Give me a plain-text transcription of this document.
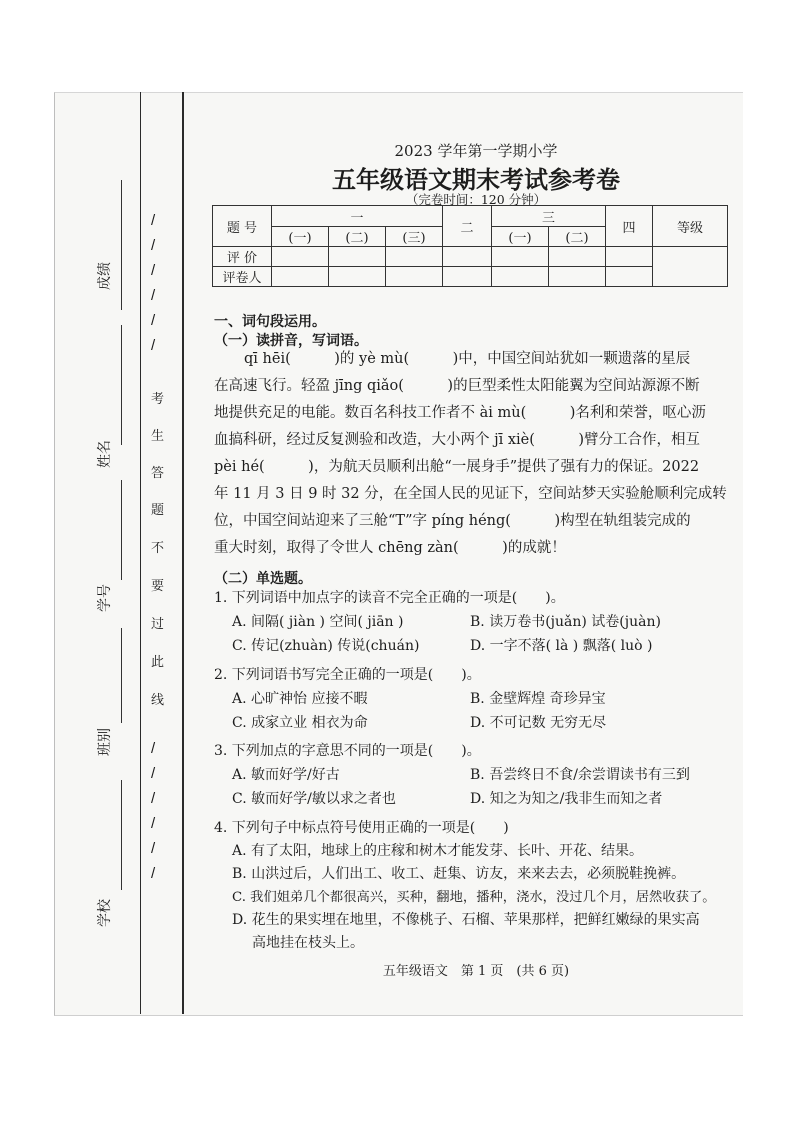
成绩
姓名
学号
班别
学校
/
/
/
/
/
/
考
生
答
题
不
要
过
此
线
/
/
/
/
/
/
2023 学年第一学期小学
五年级语文期末考试参考卷
（完卷时间：120 分钟）
题 号	一			二	三		四	等级
	(一)	(二)	(三)		(一)	(二)		
评 价								
评卷人								
一、词句段运用。
（一）读拼音，写词语。
qī hēi(　　　)的 yè mù(　　　)中，中国空间站犹如一颗遗落的星辰
在高速飞行。轻盈 jīng qiǎo(　　　)的巨型柔性太阳能翼为空间站源源不断
地提供充足的电能。数百名科技工作者不 ài mù(　　　)名利和荣誉，呕心沥
血搞科研，经过反复测验和改造，大小两个 jī xiè(　　　)臂分工合作，相互
pèi hé(　　　)，为航天员顺利出舱“一展身手”提供了强有力的保证。2022
年 11 月 3 日 9 时 32 分，在全国人民的见证下，空间站梦天实验舱顺利完成转
位，中国空间站迎来了三舱“T”字 píng héng(　　　)构型在轨组装完成的
重大时刻，取得了令世人 chēng zàn(　　　)的成就！
（二）单选题。
1. 下列词语中加点字的读音不完全正确的一项是(　　)。
A. 间隔( jiàn ) 空间( jiān )	B. 读万卷书(juǎn) 试卷(juàn)
C. 传记(zhuàn) 传说(chuán)	D. 一字不落( là ) 飘落( luò )
2. 下列词语书写完全正确的一项是(　　)。
A. 心旷神怡 应接不暇	B. 金壁辉煌 奇珍异宝
C. 成家立业 相衣为命	D. 不可记数 无穷无尽
3. 下列加点的字意思不同的一项是(　　)。
A. 敏而好学/好古	B. 吾尝终日不食/余尝谓读书有三到
C. 敏而好学/敏以求之者也	D. 知之为知之/我非生而知之者
4. 下列句子中标点符号使用正确的一项是(　　)
A. 有了太阳，地球上的庄稼和树木才能发芽、长叶、开花、结果。
B. 山洪过后，人们出工、收工、赶集、访友，来来去去，必须脱鞋挽裤。
C. 我们姐弟几个都很高兴，买种，翻地，播种，浇水，没过几个月，居然收获了。
D. 花生的果实埋在地里，不像桃子、石榴、苹果那样，把鲜红嫩绿的果实高
高地挂在枝头上。
五年级语文　第 1 页　(共 6 页)
